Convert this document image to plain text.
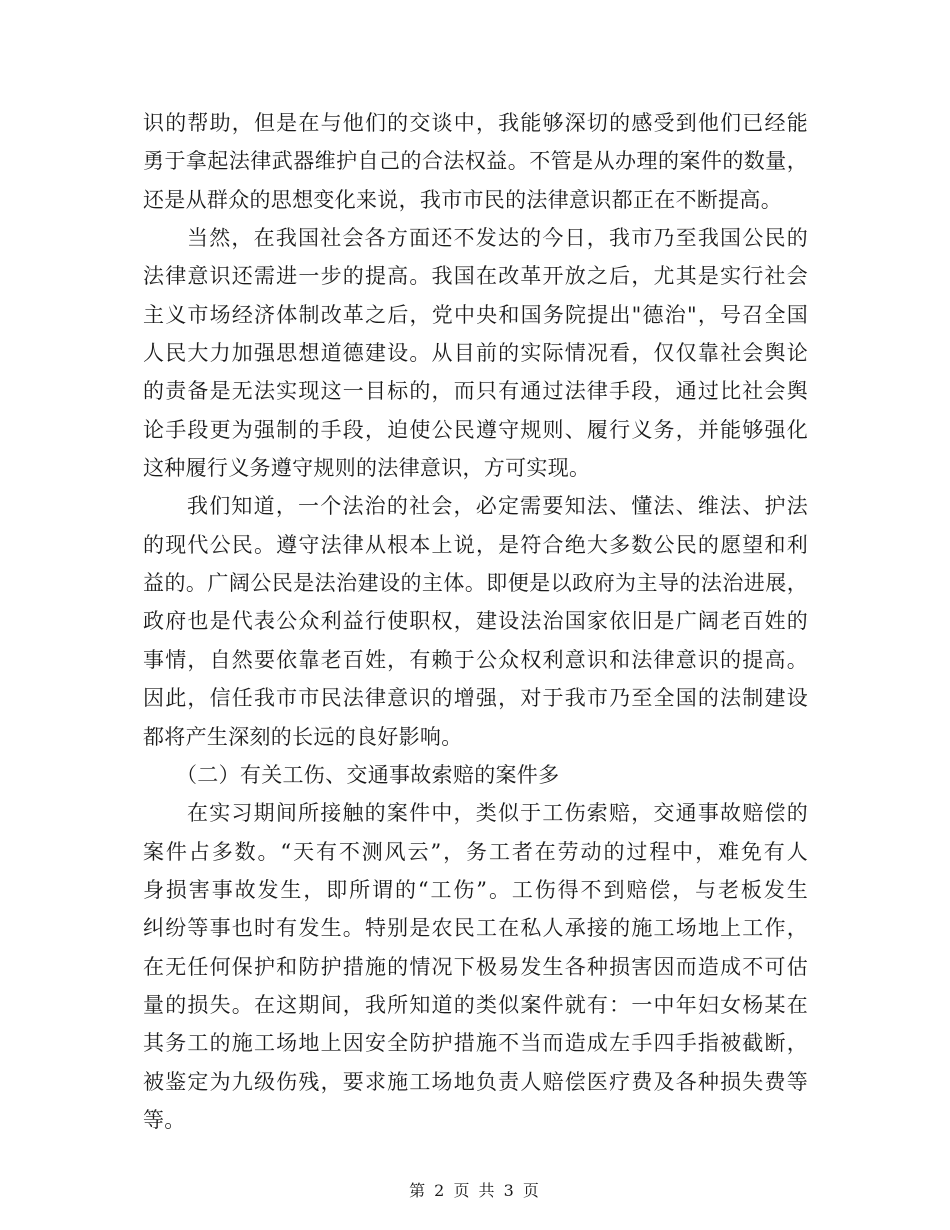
识的帮助，但是在与他们的交谈中，我能够深切的感受到他们已经能
勇于拿起法律武器维护自己的合法权益。不管是从办理的案件的数量，
还是从群众的思想变化来说，我市市民的法律意识都正在不断提高。
当然，在我国社会各方面还不发达的今日，我市乃至我国公民的
法律意识还需进一步的提高。我国在改革开放之后，尤其是实行社会
主义市场经济体制改革之后，党中央和国务院提出"德治"，号召全国
人民大力加强思想道德建设。从目前的实际情况看，仅仅靠社会舆论
的责备是无法实现这一目标的，而只有通过法律手段，通过比社会舆
论手段更为强制的手段，迫使公民遵守规则、履行义务，并能够强化
这种履行义务遵守规则的法律意识，方可实现。
我们知道，一个法治的社会，必定需要知法、懂法、维法、护法
的现代公民。遵守法律从根本上说，是符合绝大多数公民的愿望和利
益的。广阔公民是法治建设的主体。即便是以政府为主导的法治进展，
政府也是代表公众利益行使职权，建设法治国家依旧是广阔老百姓的
事情，自然要依靠老百姓，有赖于公众权利意识和法律意识的提高。
因此，信任我市市民法律意识的增强，对于我市乃至全国的法制建设
都将产生深刻的长远的良好影响。
（二）有关工伤、交通事故索赔的案件多
在实习期间所接触的案件中，类似于工伤索赔，交通事故赔偿的
案件占多数。“天有不测风云”，务工者在劳动的过程中，难免有人
身损害事故发生，即所谓的“工伤”。工伤得不到赔偿，与老板发生
纠纷等事也时有发生。特别是农民工在私人承接的施工场地上工作，
在无任何保护和防护措施的情况下极易发生各种损害因而造成不可估
量的损失。在这期间，我所知道的类似案件就有：一中年妇女杨某在
其务工的施工场地上因安全防护措施不当而造成左手四手指被截断，
被鉴定为九级伤残，要求施工场地负责人赔偿医疗费及各种损失费等
等。
第 2 页 共 3 页
